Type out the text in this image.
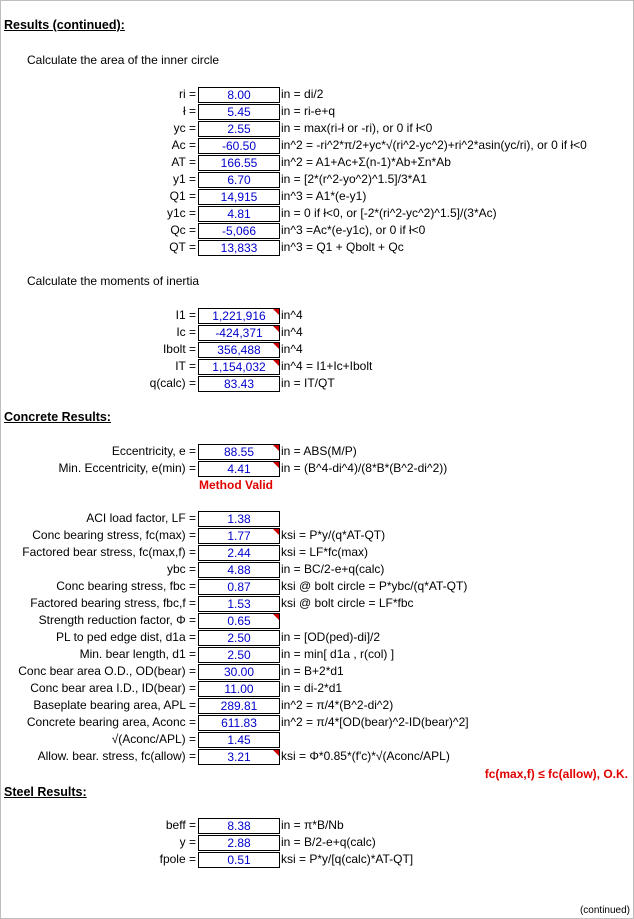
Results (continued):
Calculate the area of the inner circle
ri =	8.00	in = di/2
ł =	5.45	in = ri-e+q
yc =	2.55	in = max(ri-ł or -ri), or 0 if ł<0
Ac =	-60.50	in^2 = -ri^2*π/2+yc*√(ri^2-yc^2)+ri^2*asin(yc/ri), or 0 if ł<0
AT =	166.55	in^2 = A1+Ac+Σ(n-1)*Ab+Σn*Ab
y1 =	6.70	in = [2*(r^2-yo^2)^1.5]/3*A1
Q1 =	14,915	in^3 = A1*(e-y1)
y1c =	4.81	in = 0 if ł<0, or [-2*(ri^2-yc^2)^1.5]/(3*Ac)
Qc =	-5,066	in^3 =Ac*(e-y1c), or 0 if ł<0
QT =	13,833	in^3 = Q1 + Qbolt + Qc
Calculate the moments of inertia
I1 =	1,221,916	in^4
Ic =	-424,371	in^4
Ibolt =	356,488	in^4
IT =	1,154,032	in^4 = I1+Ic+Ibolt
q(calc) =	83.43	in = IT/QT
Concrete Results:
Eccentricity, e =	88.55	in = ABS(M/P)
Min. Eccentricity, e(min) =	4.41	in = (B^4-di^4)/(8*B*(B^2-di^2))
Method Valid
ACI load factor, LF =	1.38
Conc bearing stress, fc(max) =	1.77	ksi = P*y/(q*AT-QT)
Factored bear stress, fc(max,f) =	2.44	ksi = LF*fc(max)
ybc =	4.88	in = BC/2-e+q(calc)
Conc bearing stress, fbc =	0.87	ksi @ bolt circle = P*ybc/(q*AT-QT)
Factored bearing stress, fbc,f =	1.53	ksi @ bolt circle = LF*fbc
Strength reduction factor, Φ =	0.65
PL to ped edge dist, d1a =	2.50	in = [OD(ped)-di]/2
Min. bear length, d1 =	2.50	in = min[ d1a , r(col) ]
Conc bear area O.D., OD(bear) =	30.00	in = B+2*d1
Conc bear area I.D., ID(bear) =	11.00	in = di-2*d1
Baseplate bearing area, APL =	289.81	in^2 = π/4*(B^2-di^2)
Concrete bearing area, Aconc =	611.83	in^2 = π/4*[OD(bear)^2-ID(bear)^2]
√(Aconc/APL) =	1.45
Allow. bear. stress, fc(allow) =	3.21	ksi = Φ*0.85*(f'c)*√(Aconc/APL)
fc(max,f) ≤ fc(allow), O.K.
Steel Results:
beff =	8.38	in = π*B/Nb
y =	2.88	in = B/2-e+q(calc)
fpole =	0.51	ksi = P*y/[q(calc)*AT-QT]
(continued)
